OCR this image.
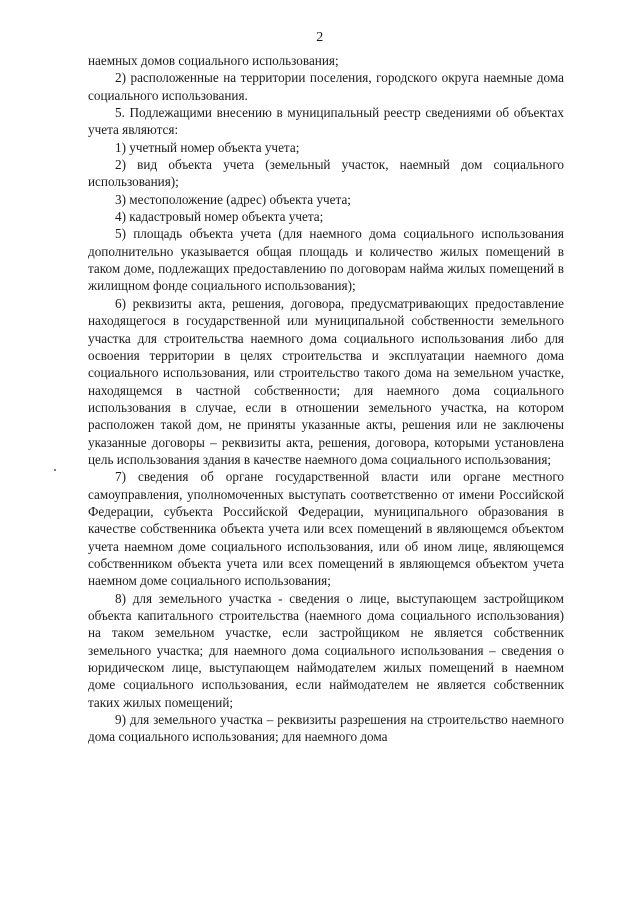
2

наемных домов социального использования;

2) расположенные на территории поселения, городского округа наемные дома социального использования.

5. Подлежащими внесению в муниципальный реестр сведениями об объектах учета являются:

1) учетный номер объекта учета;

2) вид объекта учета (земельный участок, наемный дом социального использования);

3) местоположение (адрес) объекта учета;

4) кадастровый номер объекта учета;

5) площадь объекта учета (для наемного дома социального использования дополнительно указывается общая площадь и количество жилых помещений в таком доме, подлежащих предоставлению по договорам найма жилых помещений в жилищном фонде социального использования);

6) реквизиты акта, решения, договора, предусматривающих предоставление находящегося в государственной или муниципальной собственности земельного участка для строительства наемного дома социального использования либо для освоения территории в целях строительства и эксплуатации наемного дома социального использования, или строительство такого дома на земельном участке, находящемся в частной собственности; для наемного дома социального использования в случае, если в отношении земельного участка, на котором расположен такой дом, не приняты указанные акты, решения или не заключены указанные договоры – реквизиты акта, решения, договора, которыми установлена цель использования здания в качестве наемного дома социального использования;

7) сведения об органе государственной власти или органе местного самоуправления, уполномоченных выступать соответственно от имени Российской Федерации, субъекта Российской Федерации, муниципального образования в качестве собственника объекта учета или всех помещений в являющемся объектом учета наемном доме социального использования, или об ином лице, являющемся собственником объекта учета или всех помещений в являющемся объектом учета наемном доме социального использования;

8) для земельного участка - сведения о лице, выступающем застройщиком объекта капитального строительства (наемного дома социального использования) на таком земельном участке, если застройщиком не является собственник земельного участка; для наемного дома социального использования – сведения о юридическом лице, выступающем наймодателем жилых помещений в наемном доме социального использования, если наймодателем не является собственник таких жилых помещений;

9) для земельного участка – реквизиты разрешения на строительство наемного дома социального использования; для наемного дома
